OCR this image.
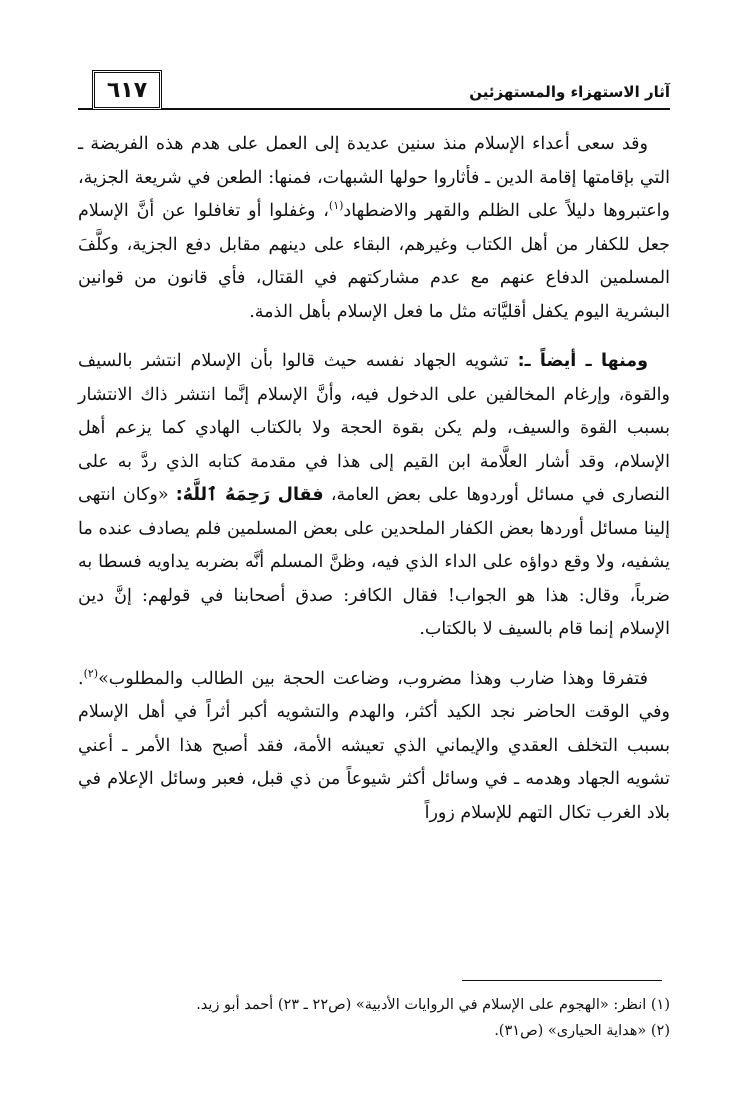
آثار الاستهزاء والمستهزئين
٦١٧

وقد سعى أعداء الإسلام منذ سنين عديدة إلى العمل على هدم هذه الفريضة ـ التي بإقامتها إقامة الدين ـ فأثاروا حولها الشبهات، فمنها: الطعن في شريعة الجزية، واعتبروها دليلاً على الظلم والقهر والاضطهاد$^{(١)}$، وغفلوا أو تغافلوا عن أنَّ الإسلام جعل للكفار من أهل الكتاب وغيرهم، البقاء على دينهم مقابل دفع الجزية، وكلَّفَ المسلمين الدفاع عنهم مع عدم مشاركتهم في القتال، فأي قانون من قوانين البشرية اليوم يكفل أقليَّاته مثل ما فعل الإسلام بأهل الذمة.

ومنها ـ أيضاً ـ: تشويه الجهاد نفسه حيث قالوا بأن الإسلام انتشر بالسيف والقوة، وإرغام المخالفين على الدخول فيه، وأنَّ الإسلام إنَّما انتشر ذاك الانتشار بسبب القوة والسيف، ولم يكن بقوة الحجة ولا بالكتاب الهادي كما يزعم أهل الإسلام، وقد أشار العلَّامة ابن القيم إلى هذا في مقدمة كتابه الذي ردَّ به على النصارى في مسائل أوردوها على بعض العامة، فقال رَحِمَهُ ٱللَّهُ: «وكان انتهى إلينا مسائل أوردها بعض الكفار الملحدين على بعض المسلمين فلم يصادف عنده ما يشفيه، ولا وقع دواؤه على الداء الذي فيه، وظنَّ المسلم أنَّه بضربه يداويه فسطا به ضرباً، وقال: هذا هو الجواب! فقال الكافر: صدق أصحابنا في قولهم: إنَّ دين الإسلام إنما قام بالسيف لا بالكتاب.

فتفرقا وهذا ضارب وهذا مضروب، وضاعت الحجة بين الطالب والمطلوب»$^{(٢)}$. وفي الوقت الحاضر نجد الكيد أكثر، والهدم والتشويه أكبر أثراً في أهل الإسلام بسبب التخلف العقدي والإيماني الذي تعيشه الأمة، فقد أصبح هذا الأمر ـ أعني تشويه الجهاد وهدمه ـ في وسائل أكثر شيوعاً من ذي قبل، فعبر وسائل الإعلام في بلاد الغرب تكال التهم للإسلام زوراً

(١) انظر: «الهجوم على الإسلام في الروايات الأدبية» (ص٢٢ ـ ٢٣) أحمد أبو زيد.

(٢) «هداية الحيارى» (ص٣١).
